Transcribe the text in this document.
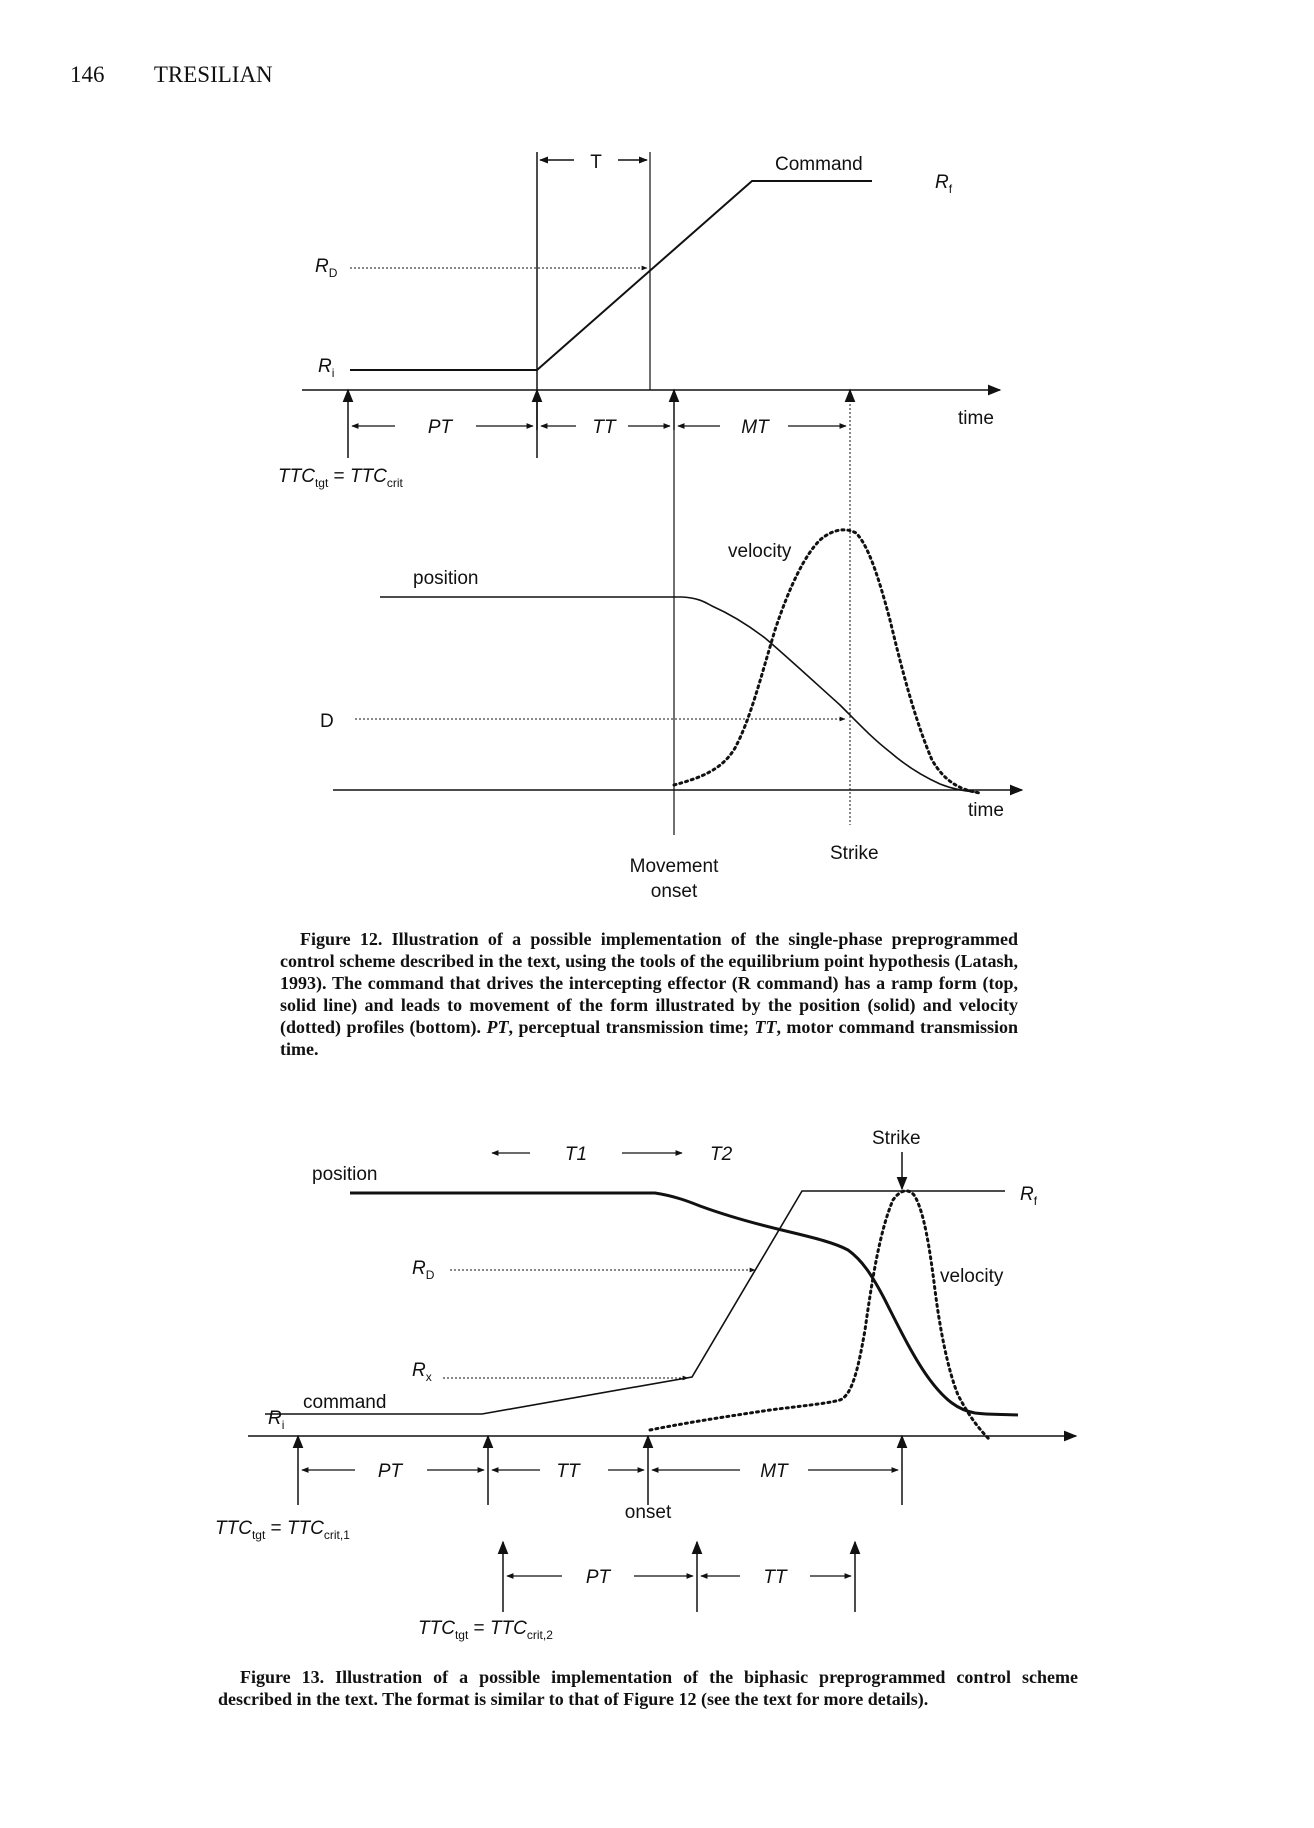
146 TRESILIAN
T	Command
$R_f$
$R_D$
$R_i$
time
PT	TT	MT
$TTC_{tgt} = TTC_{crit}$
velocity
position
D
time
Strike
Movement
onset
Figure 12. Illustration of a possible implementation of the single-phase preprogrammed control scheme described in the text, using the tools of the equilibrium point hypothesis (Latash, 1993). The command that drives the intercepting effector (R command) has a ramp form (top, solid line) and leads to movement of the form illustrated by the position (solid) and velocity (dotted) profiles (bottom). PT, perceptual transmission time; TT, motor command transmission time.
T1	T2
Strike
position
$R_f$
velocity
$R_D$
$R_x$
command
$R_i$
PT	TT	MT
onset
$TTC_{tgt} = TTC_{crit,1}$
PT	TT
$TTC_{tgt} = TTC_{crit,2}$
Figure 13. Illustration of a possible implementation of the biphasic preprogrammed control scheme described in the text. The format is similar to that of Figure 12 (see the text for more details).
